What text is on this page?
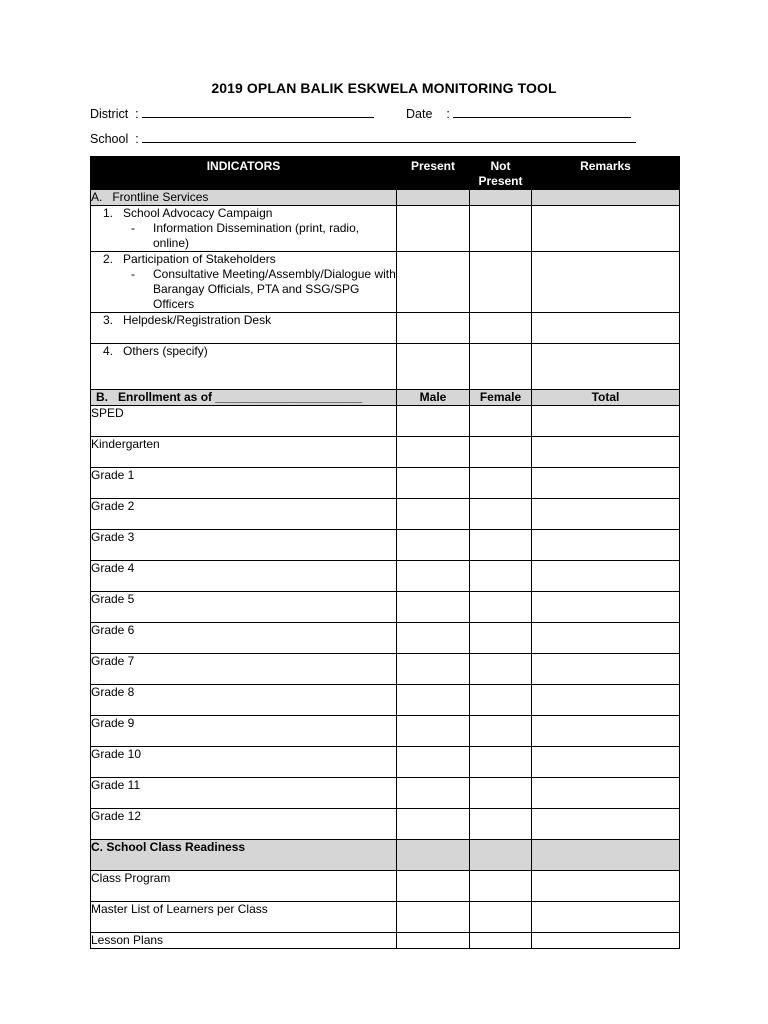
2019 OPLAN BALIK ESKWELA MONITORING TOOL
District :	Date :
School :
INDICATORS	Present	Not Present	Remarks
A.   Frontline Services			

1. School Advocacy Campaign
- Information Dissemination (print, radio, online)			

2. Participation of Stakeholders
- Consultative Meeting/Assembly/Dialogue with Barangay Officials, PTA and SSG/SPG Officers			

3. Helpdesk/Registration Desk			

4. Others (specify)			

B.   Enrollment as of ______________________	Male	Female	Total
SPED			
Kindergarten			
Grade 1			
Grade 2			
Grade 3			
Grade 4			
Grade 5			
Grade 6			
Grade 7			
Grade 8			
Grade 9			
Grade 10			
Grade 11			
Grade 12			
C. School Class Readiness			
Class Program			
Master List of Learners per Class			
Lesson Plans			
